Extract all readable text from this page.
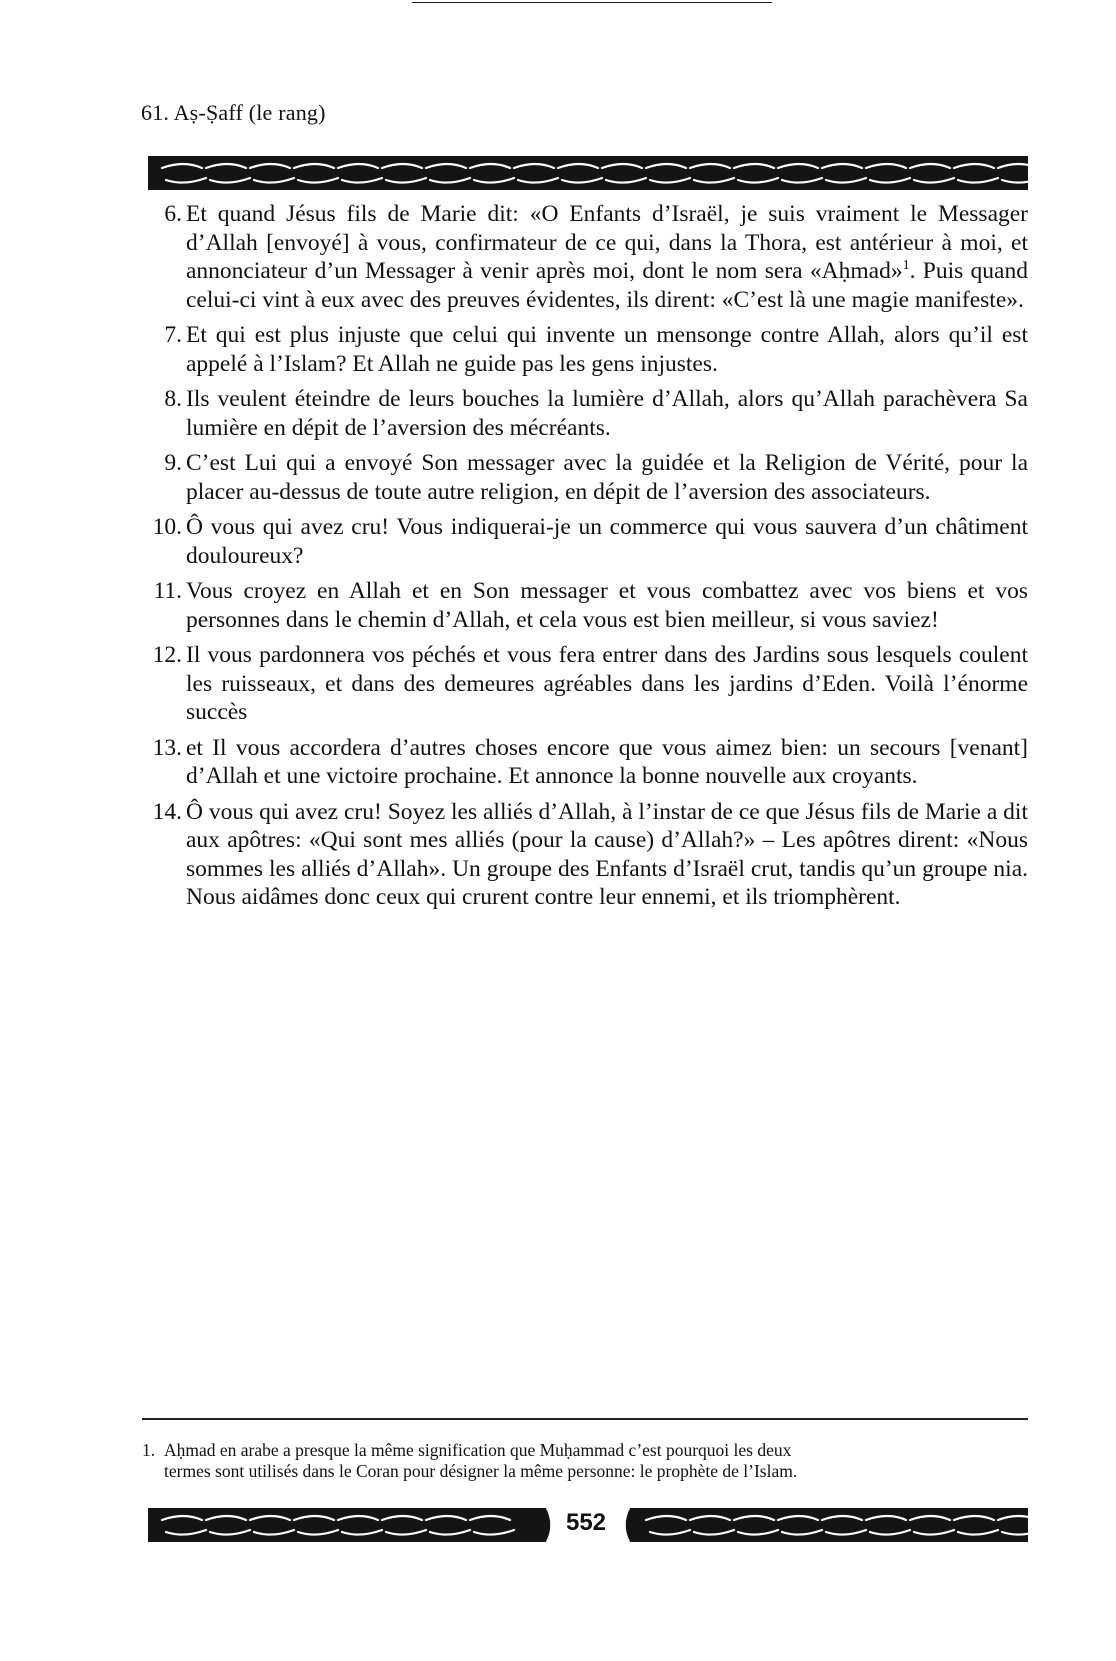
61. Aṣ-Ṣaff (le rang)
6. Et quand Jésus fils de Marie dit: «O Enfants d’Israël, je suis vraiment le Messager d’Allah [envoyé] à vous, confirmateur de ce qui, dans la Thora, est antérieur à moi, et annonciateur d’un Messager à venir après moi, dont le nom sera «Aḥmad»$^1$. Puis quand celui-ci vint à eux avec des preuves évidentes, ils dirent: «C’est là une magie manifeste».
7. Et qui est plus injuste que celui qui invente un mensonge contre Allah, alors qu’il est appelé à l’Islam? Et Allah ne guide pas les gens injustes.
8. Ils veulent éteindre de leurs bouches la lumière d’Allah, alors qu’Allah parachèvera Sa lumière en dépit de l’aversion des mécréants.
9. C’est Lui qui a envoyé Son messager avec la guidée et la Religion de Vérité, pour la placer au-dessus de toute autre religion, en dépit de l’aversion des associateurs.
10. Ô vous qui avez cru! Vous indiquerai-je un commerce qui vous sauvera d’un châtiment douloureux?
11. Vous croyez en Allah et en Son messager et vous combattez avec vos biens et vos personnes dans le chemin d’Allah, et cela vous est bien meilleur, si vous saviez!
12. Il vous pardonnera vos péchés et vous fera entrer dans des Jardins sous lesquels coulent les ruisseaux, et dans des demeures agréables dans les jardins d’Eden. Voilà l’énorme succès
13. et Il vous accordera d’autres choses encore que vous aimez bien: un secours [venant] d’Allah et une victoire prochaine. Et annonce la bonne nouvelle aux croyants.
14. Ô vous qui avez cru! Soyez les alliés d’Allah, à l’instar de ce que Jésus fils de Marie a dit aux apôtres: «Qui sont mes alliés (pour la cause) d’Allah?» – Les apôtres dirent: «Nous sommes les alliés d’Allah». Un groupe des Enfants d’Israël crut, tandis qu’un groupe nia. Nous aidâmes donc ceux qui crurent contre leur ennemi, et ils triomphèrent.
1. Aḥmad en arabe a presque la même signification que Muḥammad c’est pourquoi les deux
termes sont utilisés dans le Coran pour désigner la même personne: le prophète de l’Islam.
552
